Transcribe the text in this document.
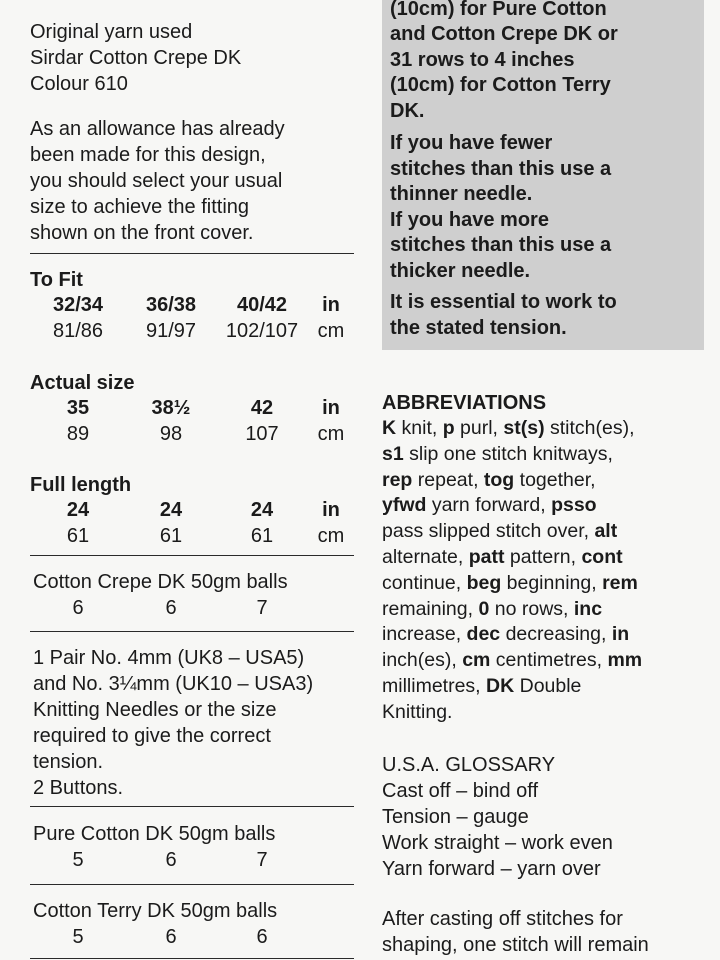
Original yarn used
Sirdar Cotton Crepe DK
Colour 610
As an allowance has already
been made for this design,
you should select your usual
size to achieve the fitting
shown on the front cover.
To Fit
32/34	36/38	40/42	in
81/86	91/97	102/107 cm
Actual size
35	38½	42	in
89	98	107	cm
Full length
24	24	24	in
61	61	61	cm
Cotton Crepe DK 50gm balls
6	6	7
1 Pair No. 4mm (UK8 – USA5)
and No. 3¼mm (UK10 – USA3)
Knitting Needles or the size
required to give the correct
tension.
2 Buttons.
Pure Cotton DK 50gm balls
5	6	7
Cotton Terry DK 50gm balls
5	6	6
(10cm) for Pure Cotton
and Cotton Crepe DK or
31 rows to 4 inches
(10cm) for Cotton Terry
DK.
If you have fewer
stitches than this use a
thinner needle.
If you have more
stitches than this use a
thicker needle.
It is essential to work to
the stated tension.
ABBREVIATIONS
K knit, p purl, st(s) stitch(es),
s1 slip one stitch knitways,
rep repeat, tog together,
yfwd yarn forward, psso
pass slipped stitch over, alt
alternate, patt pattern, cont
continue, beg beginning, rem
remaining, 0 no rows, inc
increase, dec decreasing, in
inch(es), cm centimetres, mm
millimetres, DK Double
Knitting.
U.S.A. GLOSSARY
Cast off – bind off
Tension – gauge
Work straight – work even
Yarn forward – yarn over
After casting off stitches for
shaping, one stitch will remain
